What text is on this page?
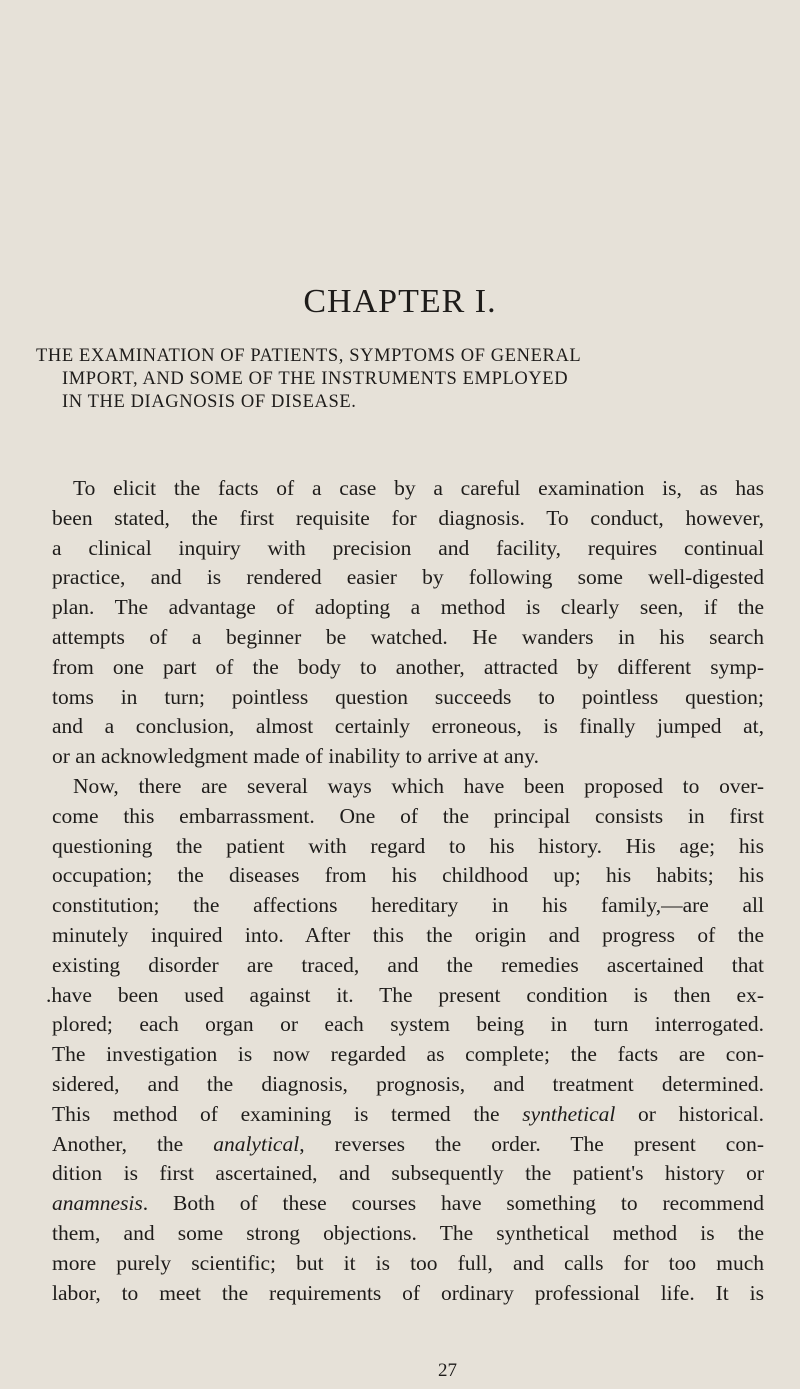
CHAPTER I.
THE EXAMINATION OF PATIENTS, SYMPTOMS OF GENERAL
IMPORT, AND SOME OF THE INSTRUMENTS EMPLOYED
IN THE DIAGNOSIS OF DISEASE.
To elicit the facts of a case by a careful examination is, as has
been stated, the first requisite for diagnosis. To conduct, however,
a clinical inquiry with precision and facility, requires continual
practice, and is rendered easier by following some well-digested
plan. The advantage of adopting a method is clearly seen, if the
attempts of a beginner be watched. He wanders in his search
from one part of the body to another, attracted by different symp-
toms in turn; pointless question succeeds to pointless question;
and a conclusion, almost certainly erroneous, is finally jumped at,
or an acknowledgment made of inability to arrive at any.
Now, there are several ways which have been proposed to over-
come this embarrassment. One of the principal consists in first
questioning the patient with regard to his history. His age; his
occupation; the diseases from his childhood up; his habits; his
constitution; the affections hereditary in his family,—are all
minutely inquired into. After this the origin and progress of the
existing disorder are traced, and the remedies ascertained that
.have been used against it. The present condition is then ex-
plored; each organ or each system being in turn interrogated.
The investigation is now regarded as complete; the facts are con-
sidered, and the diagnosis, prognosis, and treatment determined.
This method of examining is termed the synthetical or historical.
Another, the analytical, reverses the order. The present con-
dition is first ascertained, and subsequently the patient's history or
anamnesis. Both of these courses have something to recommend
them, and some strong objections. The synthetical method is the
more purely scientific; but it is too full, and calls for too much
labor, to meet the requirements of ordinary professional life. It is

27
